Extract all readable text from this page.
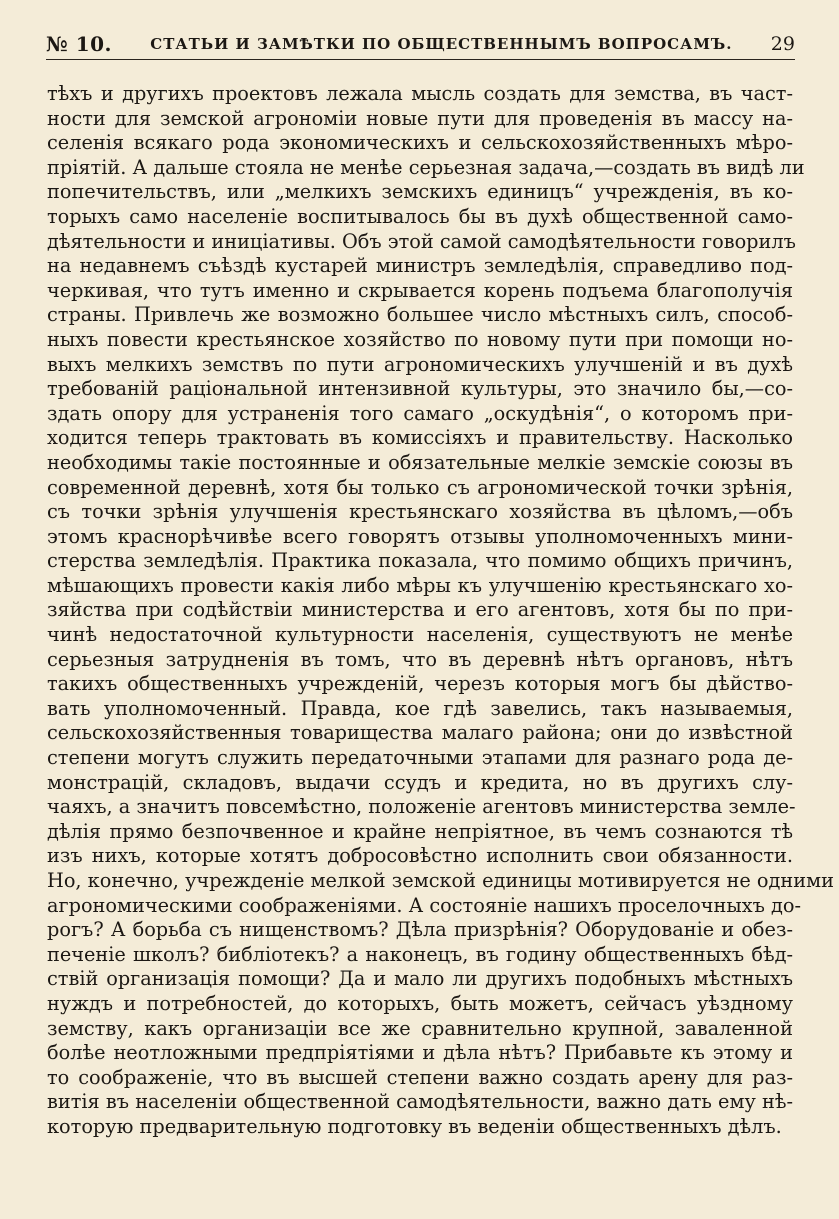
№ 10.	СТАТЬИ И ЗАМѢТКИ ПО ОБЩЕСТВЕННЫМЪ ВОПРОСАМЪ. 29
тѣхъ и другихъ проектовъ лежала мысль создать для земства, въ част-
ности для земской агрономіи новые пути для проведенія въ массу на-
селенія всякаго рода экономическихъ и сельскохозяйственныхъ мѣро-
пріятій. А дальше стояла не менѣе серьезная задача,—создать въ видѣ ли
попечительствъ, или „мелкихъ земскихъ единицъ“ учрежденія, въ ко-
торыхъ само населеніе воспитывалось бы въ духѣ общественной само-
дѣятельности и иниціативы. Объ этой самой самодѣятельности говорилъ
на недавнемъ съѣздѣ кустарей министръ земледѣлія, справедливо под-
черкивая, что тутъ именно и скрывается корень подъема благополучія
страны. Привлечь же возможно большее число мѣстныхъ силъ, способ-
ныхъ повести крестьянское хозяйство по новому пути при помощи но-
выхъ мелкихъ земствъ по пути агрономическихъ улучшеній и въ духѣ
требованій раціональной интензивной культуры, это значило бы,—со-
здать опору для устраненія того самаго „оскудѣнія“, о которомъ при-
ходится теперь трактовать въ комиссіяхъ и правительству. Насколько
необходимы такіе постоянные и обязательные мелкіе земскіе союзы въ
современной деревнѣ, хотя бы только съ агрономической точки зрѣнія,
съ точки зрѣнія улучшенія крестьянскаго хозяйства въ цѣломъ,—объ
этомъ краснорѣчивѣе всего говорятъ отзывы уполномоченныхъ мини-
стерства земледѣлія. Практика показала, что помимо общихъ причинъ,
мѣшающихъ провести какія либо мѣры къ улучшенію крестьянскаго хо-
зяйства при содѣйствіи министерства и его агентовъ, хотя бы по при-
чинѣ недостаточной культурности населенія, существуютъ не менѣе
серьезныя затрудненія въ томъ, что въ деревнѣ нѣтъ органовъ, нѣтъ
такихъ общественныхъ учрежденій, черезъ которыя могъ бы дѣйство-
вать уполномоченный. Правда, кое гдѣ завелись, такъ называемыя,
сельскохозяйственныя товарищества малаго района; они до извѣстной
степени могутъ служить передаточными этапами для разнаго рода де-
монстрацій, складовъ, выдачи ссудъ и кредита, но въ другихъ слу-
чаяхъ, а значитъ повсемѣстно, положеніе агентовъ министерства земле-
дѣлія прямо безпочвенное и крайне непріятное, въ чемъ сознаются тѣ
изъ нихъ, которые хотятъ добросовѣстно исполнить свои обязанности.
Но, конечно, учрежденіе мелкой земской единицы мотивируется не одними
агрономическими соображеніями. А состояніе нашихъ проселочныхъ до-
рогъ? А борьба съ нищенствомъ? Дѣла призрѣнія? Оборудованіе и обез-
печеніе школъ? библіотекъ? а наконецъ, въ годину общественныхъ бѣд-
ствій организація помощи? Да и мало ли другихъ подобныхъ мѣстныхъ
нуждъ и потребностей, до которыхъ, быть можетъ, сейчасъ уѣздному
земству, какъ организаціи все же сравнительно крупной, заваленной
болѣе неотложными предпріятіями и дѣла нѣтъ? Прибавьте къ этому и
то соображеніе, что въ высшей степени важно создать арену для раз-
витія въ населеніи общественной самодѣятельности, важно дать ему нѣ-
которую предварительную подготовку въ веденіи общественныхъ дѣлъ.
